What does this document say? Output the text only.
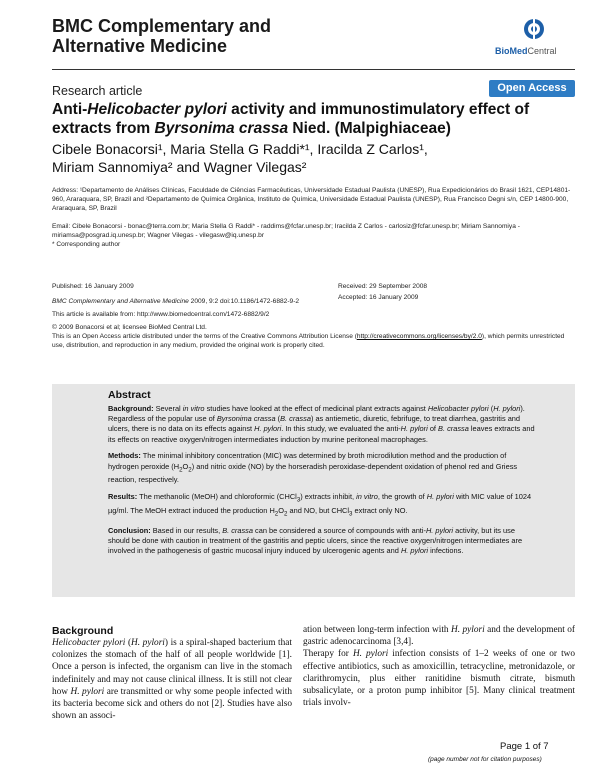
BMC Complementary and
Alternative Medicine	BioMedCentral
Research article	Open Access
Anti-Helicobacter pylori activity and immunostimulatory effect of extracts from Byrsonima crassa Nied. (Malpighiaceae)
Cibele Bonacorsi¹, Maria Stella G Raddi*¹, Iracilda Z Carlos¹,
Miriam Sannomiya² and Wagner Vilegas²
Address: ¹Departamento de Análises Clínicas, Faculdade de Ciências Farmacêuticas, Universidade Estadual Paulista (UNESP), Rua Expedicionários do Brasil 1621, CEP14801-960, Araraquara, SP, Brazil and ²Departamento de Química Orgânica, Instituto de Química, Universidade Estadual Paulista (UNESP), Rua Francisco Degni s/n, CEP 14800-900, Araraquara, SP, Brazil
Email: Cibele Bonacorsi - bonac@terra.com.br; Maria Stella G Raddi* - raddims@fcfar.unesp.br; Iracilda Z Carlos - carlosiz@fcfar.unesp.br; Miriam Sannomiya - miriamsa@posgrad.iq.unesp.br; Wagner Vilegas - vilegasw@iq.unesp.br
* Corresponding author
Published: 16 January 2009	Received: 29 September 2008
Accepted: 16 January 2009
BMC Complementary and Alternative Medicine 2009, 9:2 doi:10.1186/1472-6882-9-2
This article is available from: http://www.biomedcentral.com/1472-6882/9/2
© 2009 Bonacorsi et al; licensee BioMed Central Ltd.
This is an Open Access article distributed under the terms of the Creative Commons Attribution License (http://creativecommons.org/licenses/by/2.0), which permits unrestricted use, distribution, and reproduction in any medium, provided the original work is properly cited.
Abstract

Background: Several in vitro studies have looked at the effect of medicinal plant extracts against Helicobacter pylori (H. pylori). Regardless of the popular use of Byrsonima crassa (B. crassa) as antiemetic, diuretic, febrifuge, to treat diarrhea, gastritis and ulcers, there is no data on its effects against H. pylori. In this study, we evaluated the anti-H. pylori of B. crassa leaves extracts and its effects on reactive oxygen/nitrogen intermediates induction by murine peritoneal macrophages.

Methods: The minimal inhibitory concentration (MIC) was determined by broth microdilution method and the production of hydrogen peroxide $(H_2O_2)$ and nitric oxide (NO) by the horseradish peroxidase-dependent oxidation of phenol red and Griess reaction, respectively.

Results: The methanolic (MeOH) and chloroformic (CHCl$_3$) extracts inhibit, in vitro, the growth of H. pylori with MIC value of 1024 µg/ml. The MeOH extract induced the production $H_2O_2$ and NO, but CHCl$_3$ extract only NO.

Conclusion: Based in our results, B. crassa can be considered a source of compounds with anti-H. pylori activity, but its use should be done with caution in treatment of the gastritis and peptic ulcers, since the reactive oxygen/nitrogen intermediates are involved in the pathogenesis of gastric mucosal injury induced by ulcerogenic agents and H. pylori infections.

Background

Helicobacter pylori (H. pylori) is a spiral-shaped bacterium that colonizes the stomach of the half of all people worldwide [1]. Once a person is infected, the organism can live in the stomach indefinitely and may not cause clinical illness. It is still not clear how H. pylori are transmitted or why some people infected with its bacteria become sick and others do not [2]. Studies have also shown an associ-

ation between long-term infection with H. pylori and the development of gastric adenocarcinoma [3,4].

Therapy for H. pylori infection consists of 1–2 weeks of one or two effective antibiotics, such as amoxicillin, tetracycline, metronidazole, or clarithromycin, plus either ranitidine bismuth citrate, bismuth subsalicylate, or a proton pump inhibitor [5]. Many clinical treatment trials involv-

Page 1 of 7
(page number not for citation purposes)
